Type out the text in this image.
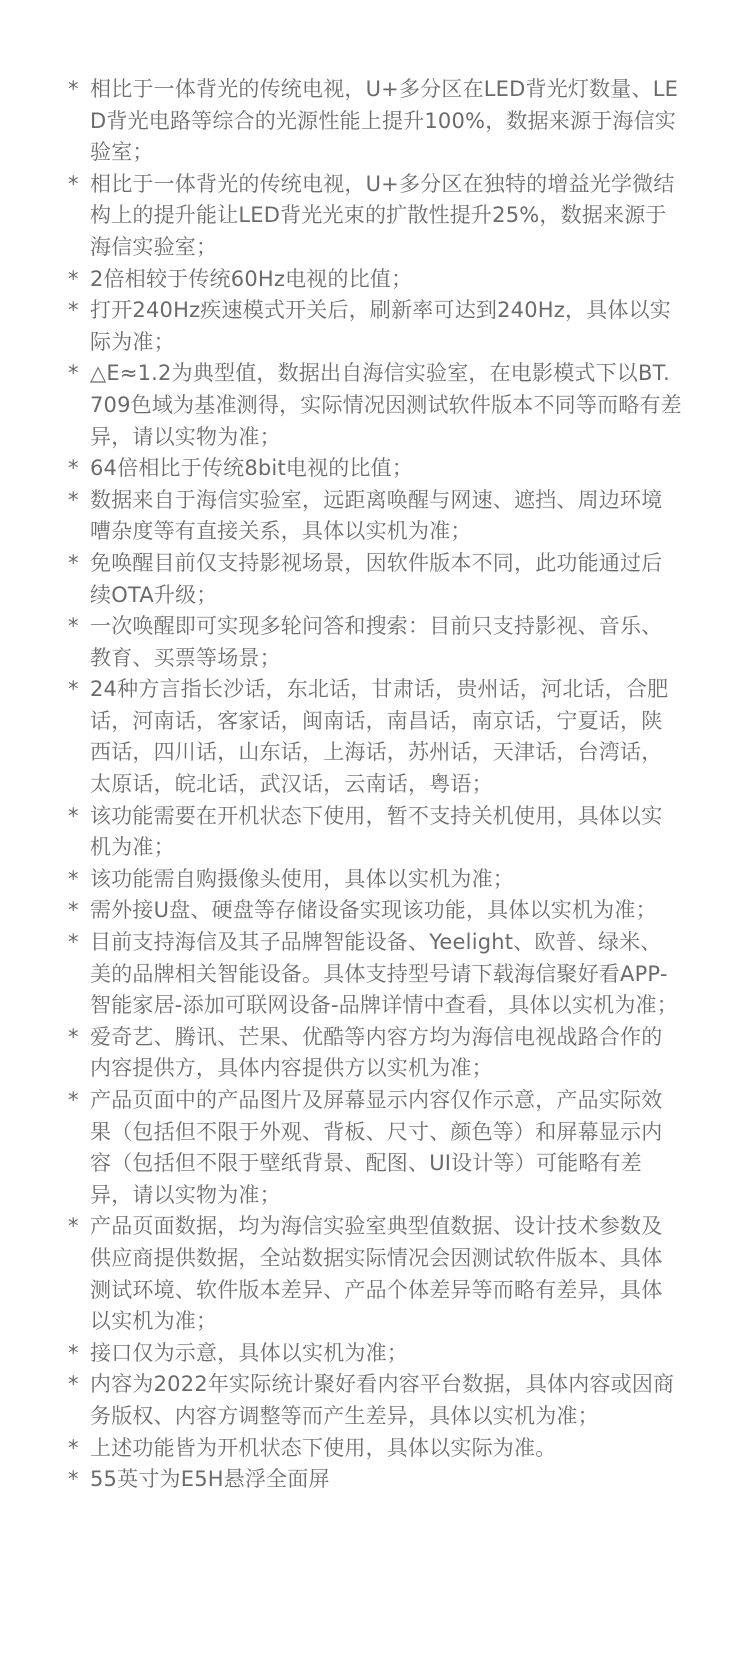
* 相比于一体背光的传统电视，U+多分区在LED背光灯数量、LED背光电路等综合的光源性能上提升100%，数据来源于海信实验室；
* 相比于一体背光的传统电视，U+多分区在独特的增益光学微结构上的提升能让LED背光光束的扩散性提升25%，数据来源于海信实验室；
* 2倍相较于传统60Hz电视的比值；
* 打开240Hz疾速模式开关后，刷新率可达到240Hz，具体以实际为准；
* △E≈1.2为典型值，数据出自海信实验室，在电影模式下以BT.709色域为基准测得，实际情况因测试软件版本不同等而略有差异，请以实物为准；
* 64倍相比于传统8bit电视的比值；
* 数据来自于海信实验室，远距离唤醒与网速、遮挡、周边环境嘈杂度等有直接关系，具体以实机为准；
* 免唤醒目前仅支持影视场景，因软件版本不同，此功能通过后续OTA升级；
* 一次唤醒即可实现多轮问答和搜索：目前只支持影视、音乐、教育、买票等场景；
* 24种方言指长沙话，东北话，甘肃话，贵州话，河北话，合肥话，河南话，客家话，闽南话，南昌话，南京话，宁夏话，陕西话，四川话，山东话，上海话，苏州话，天津话，台湾话，太原话，皖北话，武汉话，云南话，粤语；
* 该功能需要在开机状态下使用，暂不支持关机使用，具体以实机为准；
* 该功能需自购摄像头使用，具体以实机为准；
* 需外接U盘、硬盘等存储设备实现该功能，具体以实机为准；
* 目前支持海信及其子品牌智能设备、Yeelight、欧普、绿米、美的品牌相关智能设备。具体支持型号请下载海信聚好看APP-智能家居-添加可联网设备-品牌详情中查看，具体以实机为准；
* 爱奇艺、腾讯、芒果、优酷等内容方均为海信电视战路合作的内容提供方，具体内容提供方以实机为准；
* 产品页面中的产品图片及屏幕显示内容仅作示意，产品实际效果（包括但不限于外观、背板、尺寸、颜色等）和屏幕显示内容（包括但不限于壁纸背景、配图、UI设计等）可能略有差异，请以实物为准；
* 产品页面数据，均为海信实验室典型值数据、设计技术参数及供应商提供数据，全站数据实际情况会因测试软件版本、具体测试环境、软件版本差异、产品个体差异等而略有差异，具体以实机为准；
* 接口仅为示意，具体以实机为准；
* 内容为2022年实际统计聚好看内容平台数据，具体内容或因商务版权、内容方调整等而产生差异，具体以实机为准；
* 上述功能皆为开机状态下使用，具体以实际为准。
* 55英寸为E5H悬浮全面屏
